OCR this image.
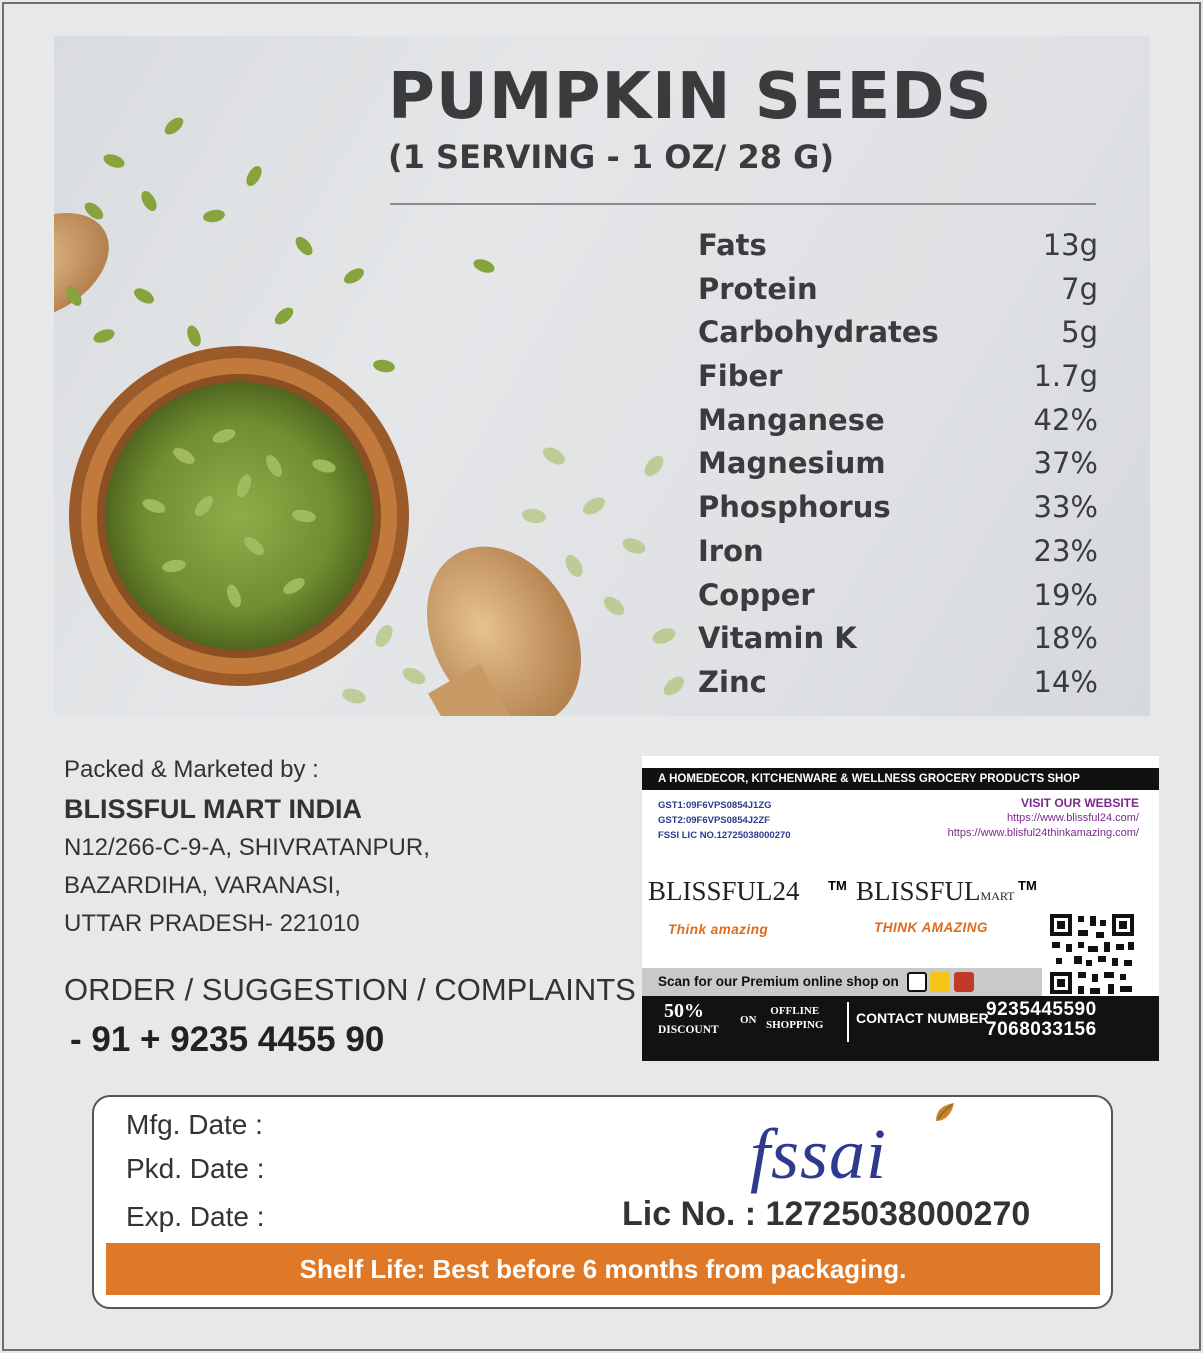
PUMPKIN SEEDS
(1 SERVING - 1 OZ/ 28 G)
Fats	13g
Protein	7g
Carbohydrates	5g
Fiber	1.7g
Manganese	42%
Magnesium	37%
Phosphorus	33%
Iron	23%
Copper	19%
Vitamin K	18%
Zinc	14%
Packed & Marketed by :
BLISSFUL MART INDIA
N12/266-C-9-A, SHIVRATANPUR,
BAZARDIHA, VARANASI,
UTTAR PRADESH- 221010
ORDER / SUGGESTION / COMPLAINTS
- 91 + 9235 4455 90
A HOMEDECOR, KITCHENWARE & WELLNESS GROCERY PRODUCTS SHOP
GST1:09F6VPS0854J1ZG
GST2:09F6VPS0854J2ZF
FSSI LIC NO.12725038000270
VISIT OUR WEBSITE
https://www.blissful24.com/
https://www.blisful24thinkamazing.com/
BLISSFUL24 TM BLISSFULMART
TM
Think amazing	THINK AMAZING
Scan for our Premium online shop on
50%
DISCOUNT
ON
OFFLINE
SHOPPING CONTACT NUMBER
9235445590
7068033156
Mfg. Date :
Pkd. Date :
Exp. Date :
fssai
Lic No. : 12725038000270
Shelf Life: Best before 6 months from packaging.
